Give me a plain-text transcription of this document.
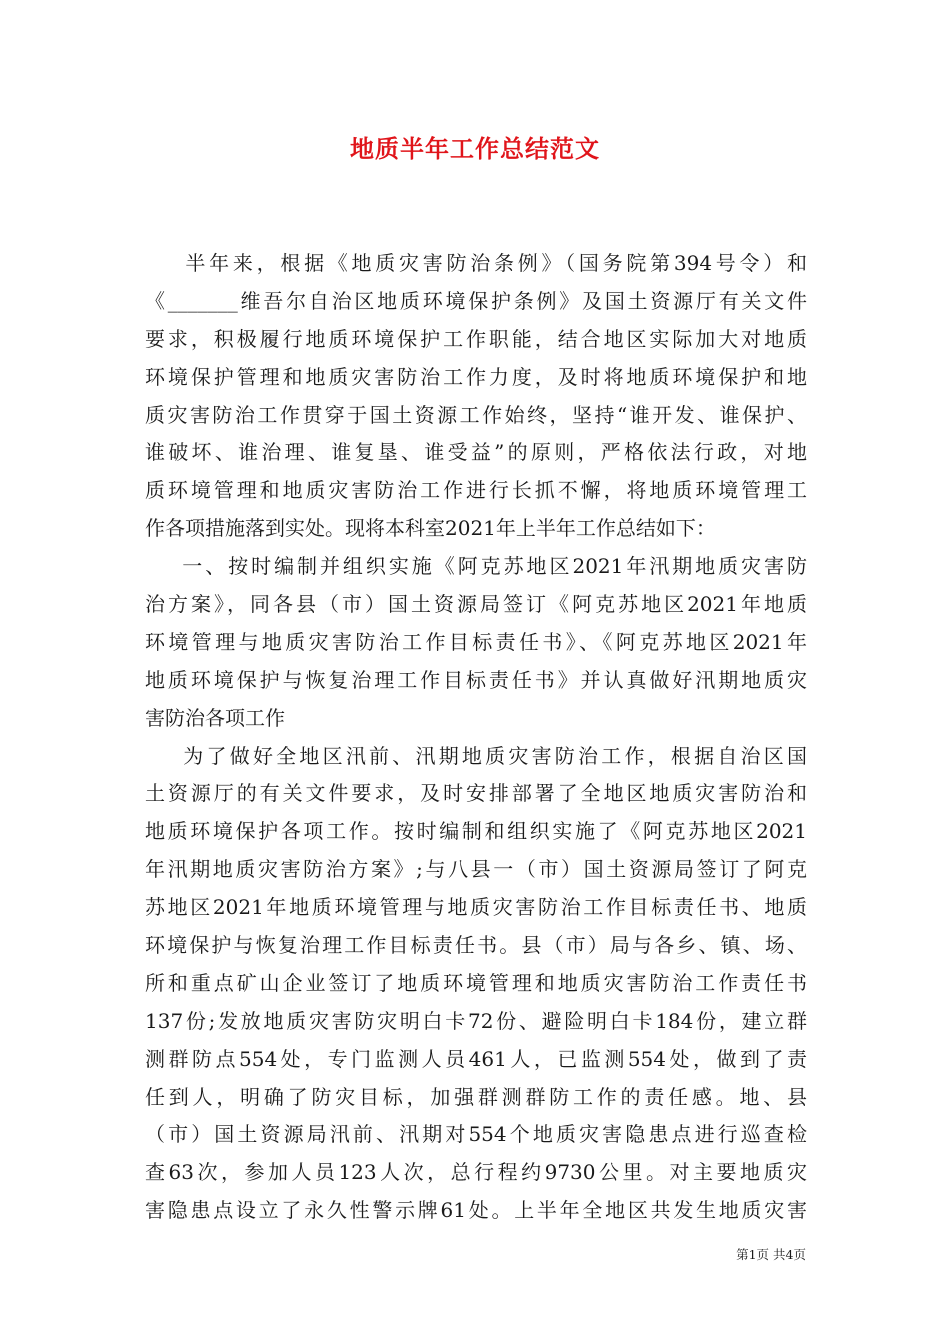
地质半年工作总结范文
半年来，根据《地质灾害防治条例》（国务院第394号令）和
《_______维吾尔自治区地质环境保护条例》及国土资源厅有关文件
要求，积极履行地质环境保护工作职能，结合地区实际加大对地质
环境保护管理和地质灾害防治工作力度，及时将地质环境保护和地
质灾害防治工作贯穿于国土资源工作始终，坚持“谁开发、谁保护、
谁破坏、谁治理、谁复垦、谁受益”的原则，严格依法行政，对地
质环境管理和地质灾害防治工作进行长抓不懈，将地质环境管理工
作各项措施落到实处。现将本科室2021年上半年工作总结如下：
一、按时编制并组织实施《阿克苏地区2021年汛期地质灾害防
治方案》，同各县（市）国土资源局签订《阿克苏地区2021年地质
环境管理与地质灾害防治工作目标责任书》、《阿克苏地区2021年
地质环境保护与恢复治理工作目标责任书》并认真做好汛期地质灾
害防治各项工作
为了做好全地区汛前、汛期地质灾害防治工作，根据自治区国
土资源厅的有关文件要求，及时安排部署了全地区地质灾害防治和
地质环境保护各项工作。按时编制和组织实施了《阿克苏地区2021
年汛期地质灾害防治方案》;与八县一（市）国土资源局签订了阿克
苏地区2021年地质环境管理与地质灾害防治工作目标责任书、地质
环境保护与恢复治理工作目标责任书。县（市）局与各乡、镇、场、
所和重点矿山企业签订了地质环境管理和地质灾害防治工作责任书
137份;发放地质灾害防灾明白卡72份、避险明白卡184份，建立群
测群防点554处，专门监测人员461人，已监测554处，做到了责
任到人，明确了防灾目标，加强群测群防工作的责任感。地、县
（市）国土资源局汛前、汛期对554个地质灾害隐患点进行巡查检
查63次，参加人员123人次，总行程约9730公里。对主要地质灾
害隐患点设立了永久性警示牌61处。上半年全地区共发生地质灾害
第1页 共4页
